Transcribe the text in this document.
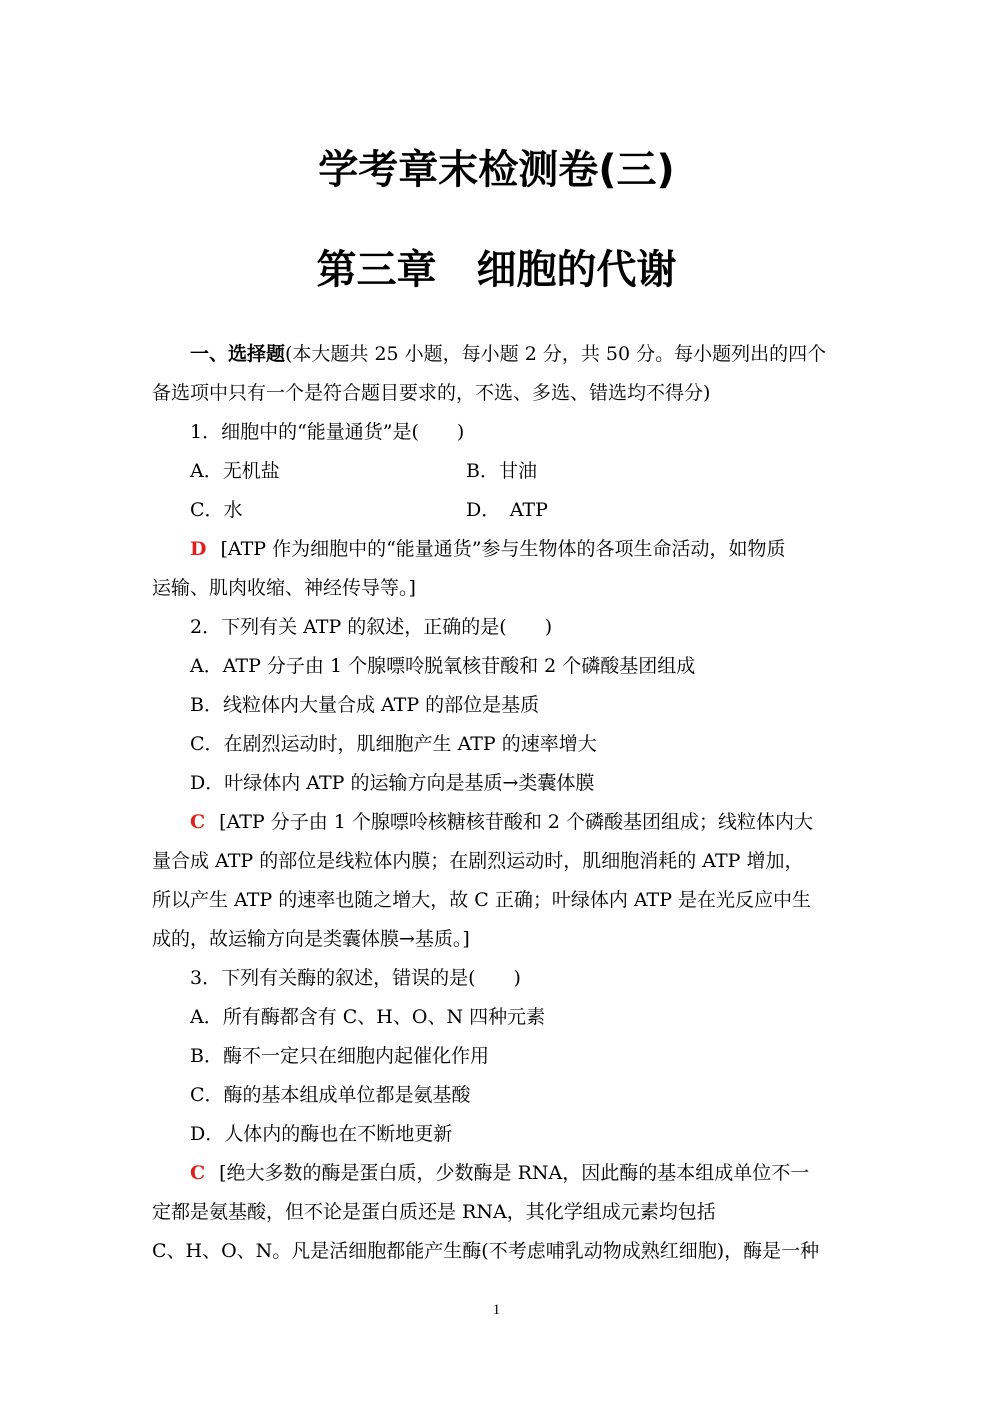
学考章末检测卷(三)
第三章　细胞的代谢
一、选择题(本大题共 25 小题，每小题 2 分，共 50 分。每小题列出的四个
备选项中只有一个是符合题目要求的，不选、多选、错选均不得分)
1．细胞中的“能量通货”是(　　)
A．无机盐	B．甘油
C．水	D．　ATP
D [ATP 作为细胞中的“能量通货”参与生物体的各项生命活动，如物质
运输、肌肉收缩、神经传导等。]
2．下列有关 ATP 的叙述，正确的是(　　)
A．ATP 分子由 1 个腺嘌呤脱氧核苷酸和 2 个磷酸基团组成
B．线粒体内大量合成 ATP 的部位是基质
C．在剧烈运动时，肌细胞产生 ATP 的速率增大
D．叶绿体内 ATP 的运输方向是基质→类囊体膜
C [ATP 分子由 1 个腺嘌呤核糖核苷酸和 2 个磷酸基团组成；线粒体内大
量合成 ATP 的部位是线粒体内膜；在剧烈运动时，肌细胞消耗的 ATP 增加，
所以产生 ATP 的速率也随之增大，故 C 正确；叶绿体内 ATP 是在光反应中生
成的，故运输方向是类囊体膜→基质。]
3．下列有关酶的叙述，错误的是(　　)
A．所有酶都含有 C、H、O、N 四种元素
B．酶不一定只在细胞内起催化作用
C．酶的基本组成单位都是氨基酸
D．人体内的酶也在不断地更新
C [绝大多数的酶是蛋白质，少数酶是 RNA，因此酶的基本组成单位不一
定都是氨基酸，但不论是蛋白质还是 RNA，其化学组成元素均包括
C、H、O、N。凡是活细胞都能产生酶(不考虑哺乳动物成熟红细胞)，酶是一种
1
